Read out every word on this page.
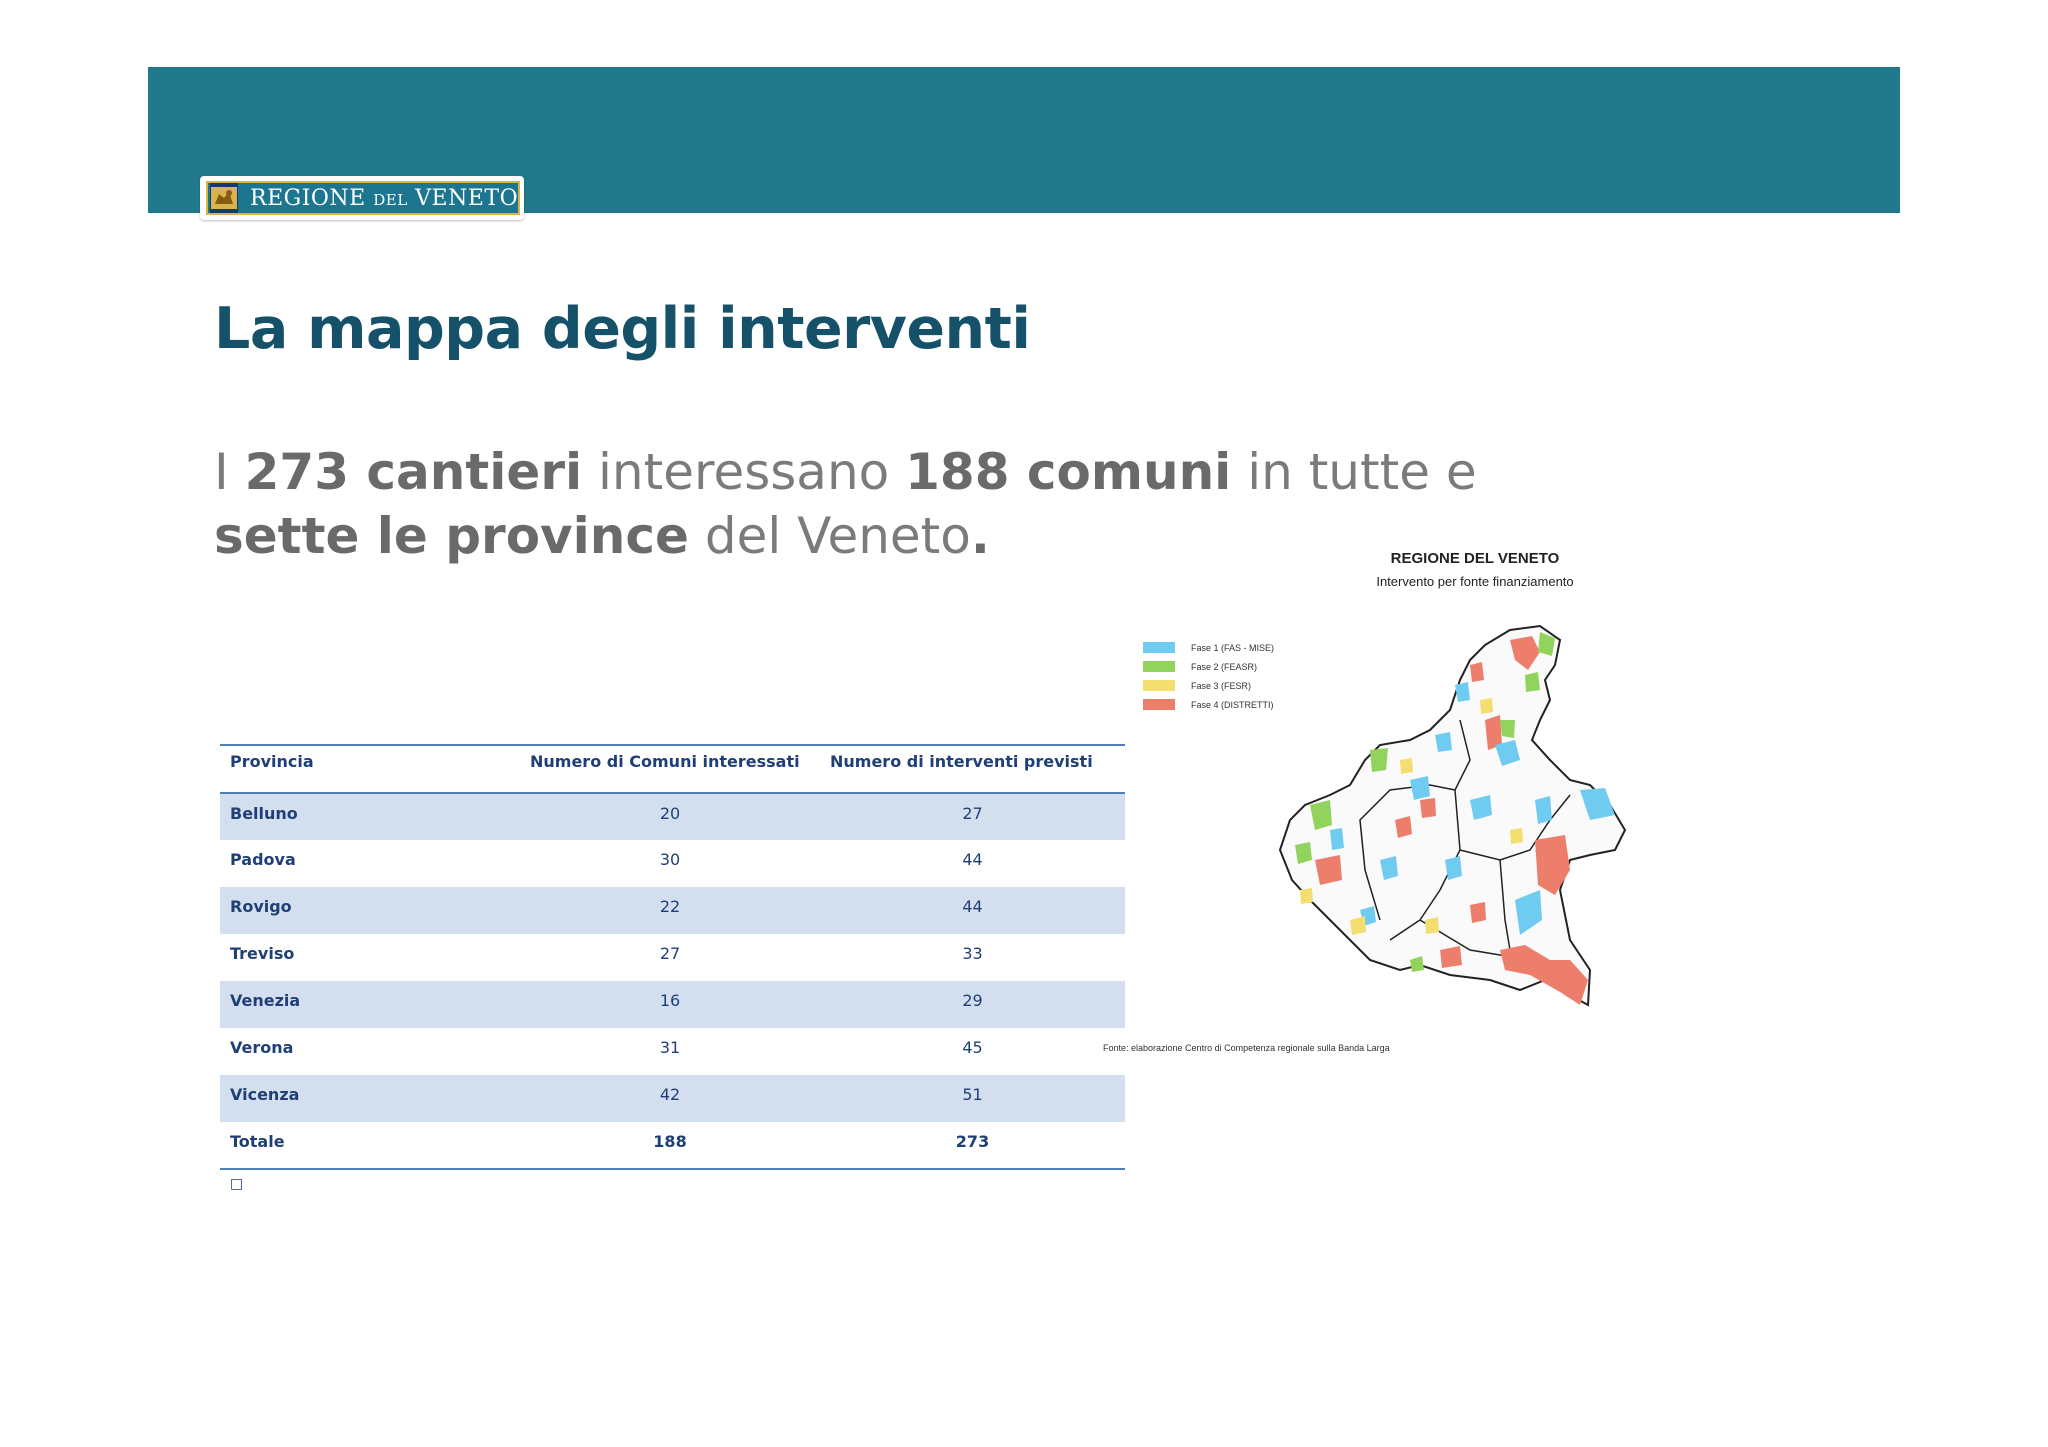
REGIONE DEL VENETO
La mappa degli interventi

I 273 cantieri interessano 188 comuni in tutte e sette le province del Veneto.

Provincia	Numero di Comuni interessati	Numero di interventi previsti
Belluno	20	27
Padova	30	44
Rovigo	22	44
Treviso	27	33
Venezia	16	29
Verona	31	45
Vicenza	42	51
Totale	188	273
□
REGIONE DEL VENETO
Intervento per fonte finanziamento
Fase 1 (FAS - MISE)
Fase 2 (FEASR)
Fase 3 (FESR)
Fase 4 (DISTRETTI)
Fonte: elaborazione Centro di Competenza regionale sulla Banda Larga
